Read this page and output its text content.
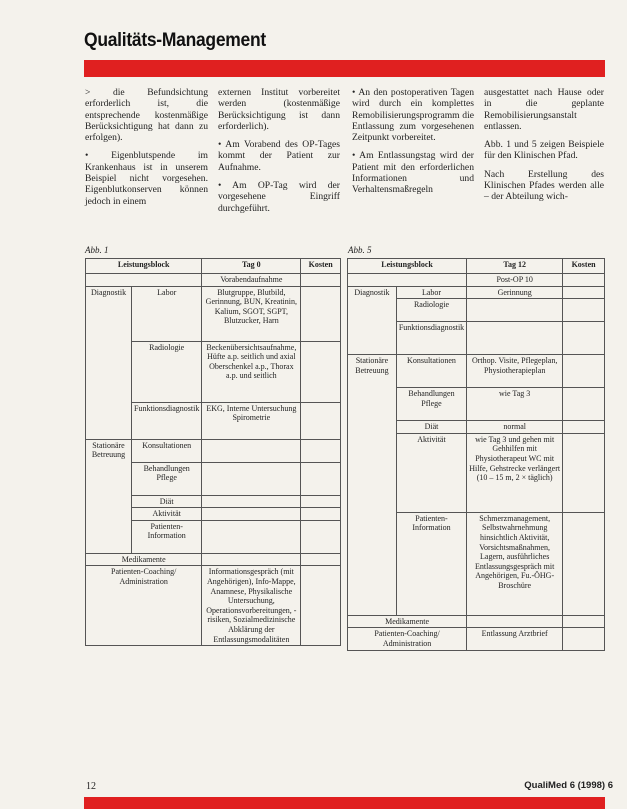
Qualitäts-Management

> die Befundsichtung erforderlich ist, die entsprechende kostenmäßige Berücksichtigung hat dann zu erfolgen).

• Eigenblutspende im Krankenhaus ist in unserem Beispiel nicht vorgesehen. Eigenblutkonserven können jedoch in einem

externen Institut vorbereitet werden (kostenmäßige Berücksichtigung ist dann erforderlich).

• Am Vorabend des OP-Tages kommt der Patient zur Aufnahme.

• Am OP-Tag wird der vorgesehene Eingriff durchgeführt.

• An den postoperativen Tagen wird durch ein komplettes Remobilisierungsprogramm die Entlassung zum vorgesehenen Zeitpunkt vorbereitet.

• Am Entlassungstag wird der Patient mit den erforderlichen Informationen und Verhaltensmaßregeln

ausgestattet nach Hause oder in die geplante Remobilisierungsanstalt entlassen.

Abb. 1 und 5 zeigen Beispiele für den Klinischen Pfad.

Nach Erstellung des Klinischen Pfades werden alle – der Abteilung wich-

Abb. 1	Abb. 5
Leistungsblock		Tag 0	Kosten
		Vorabendaufnahme	
Diagnostik	Labor	Blutgruppe, Blutbild, Gerinnung, BUN, Kreatinin, Kalium, SGOT, SGPT, Blutzucker, Harn	
	Radiologie	Beckenübersichtsaufnahme, Hüfte a.p. seitlich und axial Oberschenkel a.p., Thorax a.p. und seitlich	
	Funktionsdiagnostik	EKG, Interne Untersuchung Spirometrie	
Stationäre Betreuung	Konsultationen		
	Behandlungen Pflege		
	Diät		
	Aktivität		
	Patienten-Information		
Medikamente			
Patienten-Coaching/ Administration		Informationsgespräch (mit Angehörigen), Info-Mappe, Anamnese, Physikalische Untersuchung, Operationsvorbereitungen, -risiken, Sozialmedizinische Abklärung der Entlassungsmodalitäten	
Leistungsblock		Tag 12	Kosten
		Post-OP 10	
Diagnostik	Labor	Gerinnung	
	Radiologie		
	Funktionsdiagnostik		
Stationäre Betreuung	Konsultationen	Orthop. Visite, Pflegeplan, Physiotherapieplan	
	Behandlungen Pflege	wie Tag 3	
	Diät	normal	
	Aktivität	wie Tag 3 und gehen mit Gehhilfen mit Physiotherapeut WC mit Hilfe, Gehstrecke verlängert (10 – 15 m, 2 × täglich)	
	Patienten-Information	Schmerzmanagement, Selbstwahrnehmung hinsichtlich Aktivität, Vorsichtsmaßnahmen, Lagern, ausführliches Entlassungsgespräch mit Angehörigen, Fu.-ÖHG-Broschüre	

Medikamente			
Patienten-Coaching/ Administration		Entlassung Arztbrief	
12	QualiMed 6 (1998) 6
